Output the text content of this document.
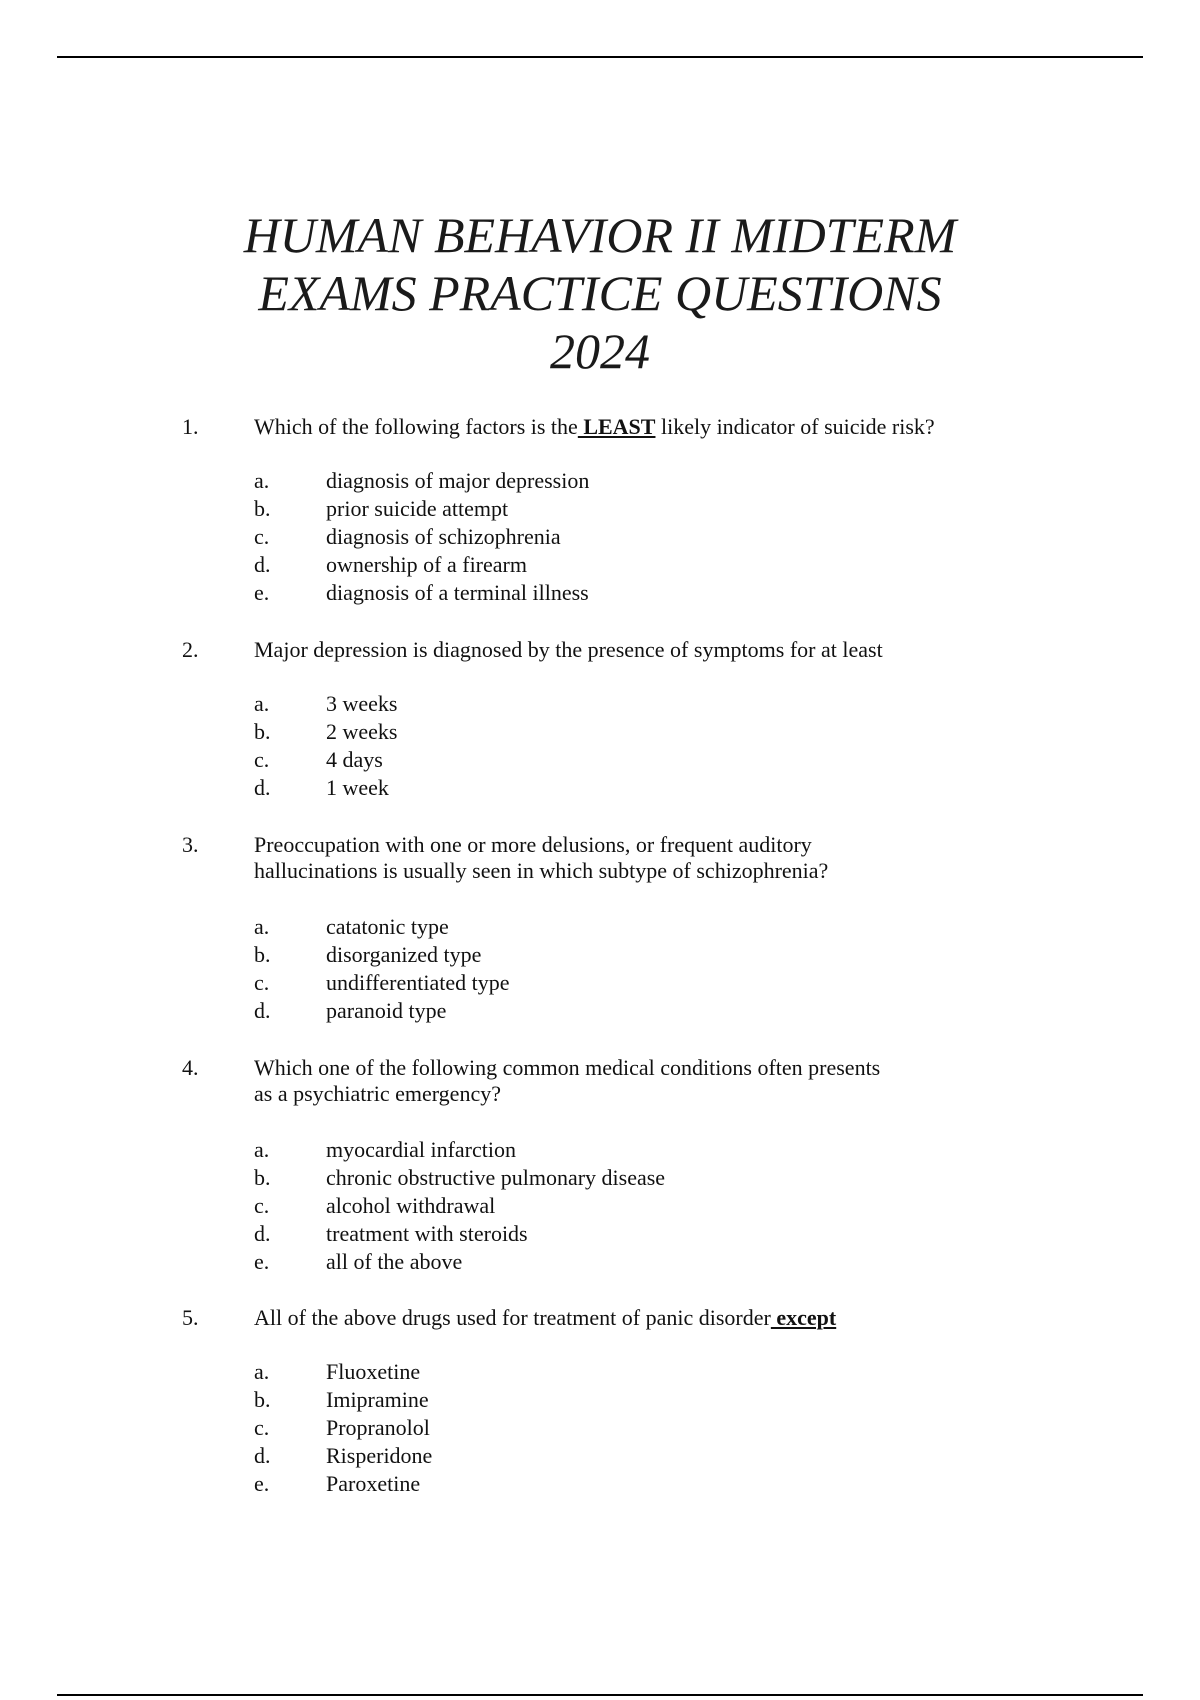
HUMAN BEHAVIOR II MIDTERM
EXAMS PRACTICE QUESTIONS
2024
1.	Which of the following factors is the LEAST likely indicator of suicide risk?
a.	diagnosis of major depression
b.	prior suicide attempt
c.	diagnosis of schizophrenia
d.	ownership of a firearm
e.	diagnosis of a terminal illness
2.	Major depression is diagnosed by the presence of symptoms for at least
a.	3 weeks
b.	2 weeks
c.	4 days
d.	1 week
3.	Preoccupation with one or more delusions, or frequent auditory
hallucinations is usually seen in which subtype of schizophrenia?
a.	catatonic type
b.	disorganized type
c.	undifferentiated type
d.	paranoid type
4.	Which one of the following common medical conditions often presents
as a psychiatric emergency?
a.	myocardial infarction
b.	chronic obstructive pulmonary disease
c.	alcohol withdrawal
d.	treatment with steroids
e.	all of the above
5.	All of the above drugs used for treatment of panic disorder except
a.	Fluoxetine
b.	Imipramine
c.	Propranolol
d.	Risperidone
e.	Paroxetine
